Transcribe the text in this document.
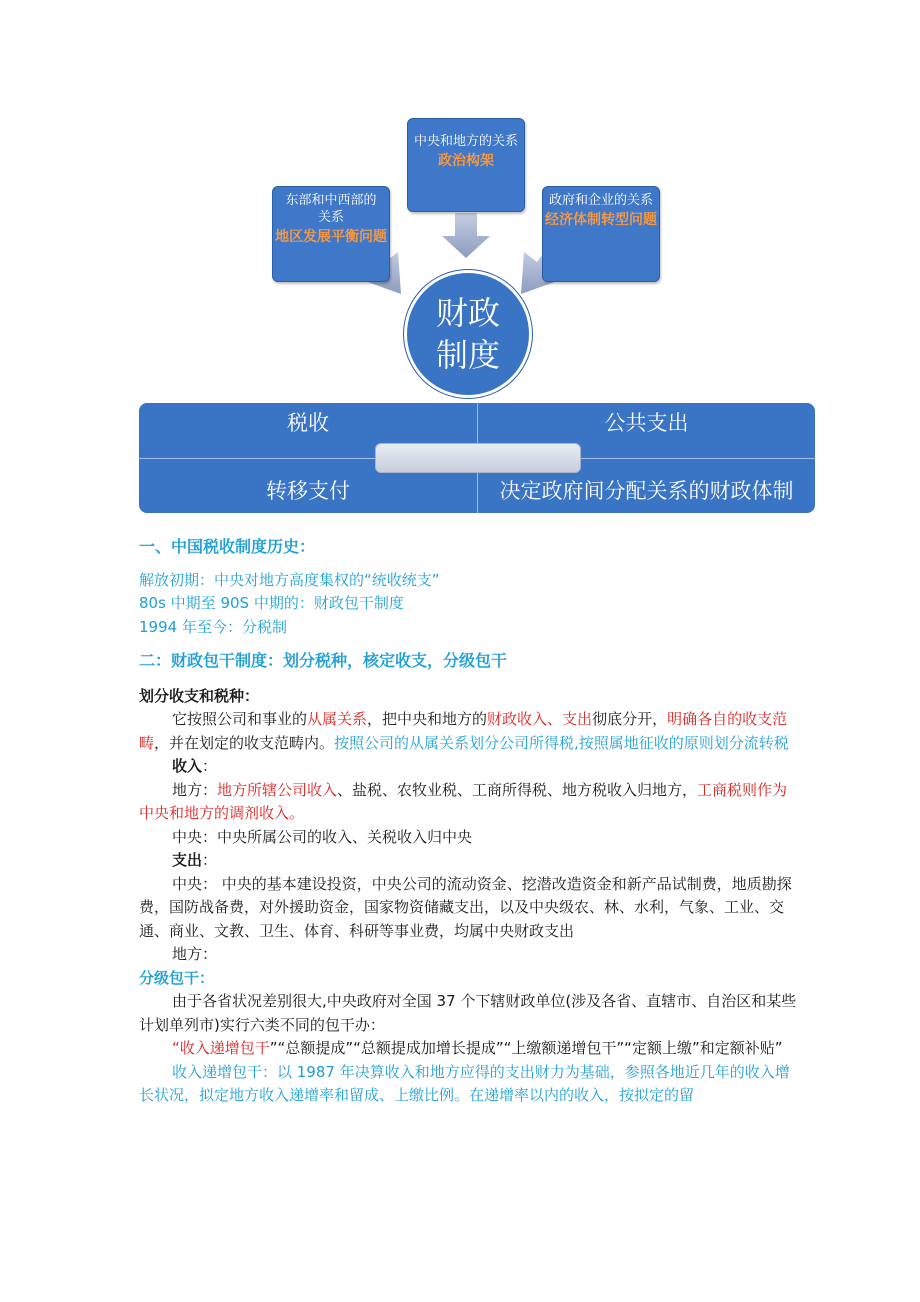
中央和地方的关系
政治构架
东部和中西部的关系
地区发展平衡问题
政府和企业的关系
经济体制转型问题
财政制度
税收	公共支出
转移支付	决定政府间分配关系的财政体制

一、中国税收制度历史：

解放初期：中央对地方高度集权的“统收统支”

80s 中期至 90S 中期的：财政包干制度

1994 年至今：分税制

二：财政包干制度：划分税种，核定收支，分级包干

划分收支和税种：

它按照公司和事业的从属关系，把中央和地方的财政收入、支出彻底分开，明确各自的收支范畴，并在划定的收支范畴内。按照公司的从属关系划分公司所得税,按照属地征收的原则划分流转税

收入：

地方：地方所辖公司收入、盐税、农牧业税、工商所得税、地方税收入归地方，工商税则作为中央和地方的调剂收入。

中央：中央所属公司的收入、关税收入归中央

支出：

中央： 中央的基本建设投资，中央公司的流动资金、挖潜改造资金和新产品试制费，地质勘探费，国防战备费，对外援助资金，国家物资储藏支出，以及中央级农、林、水利，气象、工业、交通、商业、文教、卫生、体育、科研等事业费，均属中央财政支出

地方：

分级包干：

由于各省状况差别很大,中央政府对全国 37 个下辖财政单位(涉及各省、直辖市、自治区和某些计划单列市)实行六类不同的包干办：

“收入递增包干”“总额提成”“总额提成加增长提成”“上缴额递增包干”“定额上缴”和定额补贴”

收入递增包干：以 1987 年决算收入和地方应得的支出财力为基础，参照各地近几年的收入增长状况，拟定地方收入递增率和留成、上缴比例。在递增率以内的收入，按拟定的留
